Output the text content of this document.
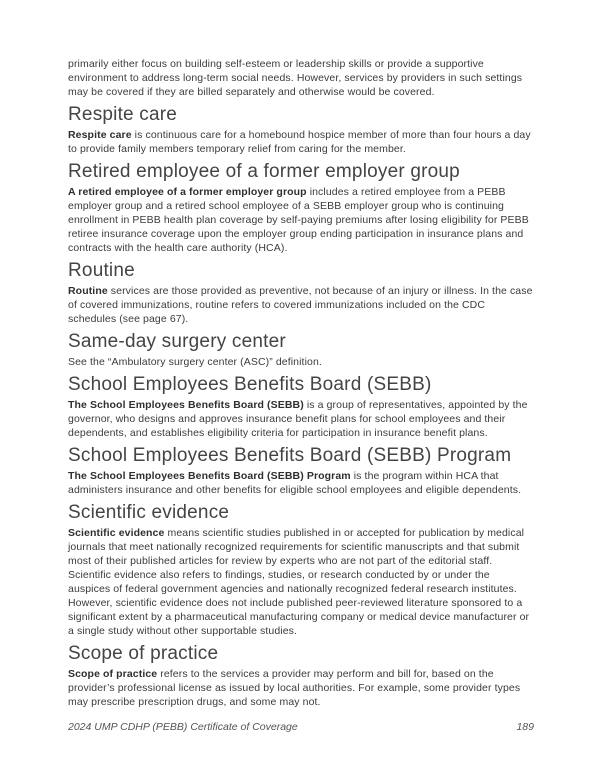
primarily either focus on building self-esteem or leadership skills or provide a supportive environment to address long-term social needs. However, services by providers in such settings may be covered if they are billed separately and otherwise would be covered.

Respite care

Respite care is continuous care for a homebound hospice member of more than four hours a day to provide family members temporary relief from caring for the member.

Retired employee of a former employer group

A retired employee of a former employer group includes a retired employee from a PEBB employer group and a retired school employee of a SEBB employer group who is continuing enrollment in PEBB health plan coverage by self-paying premiums after losing eligibility for PEBB retiree insurance coverage upon the employer group ending participation in insurance plans and contracts with the health care authority (HCA).

Routine

Routine services are those provided as preventive, not because of an injury or illness. In the case of covered immunizations, routine refers to covered immunizations included on the CDC schedules (see page 67).

Same-day surgery center

See the “Ambulatory surgery center (ASC)” definition.

School Employees Benefits Board (SEBB)

The School Employees Benefits Board (SEBB) is a group of representatives, appointed by the governor, who designs and approves insurance benefit plans for school employees and their dependents, and establishes eligibility criteria for participation in insurance benefit plans.

School Employees Benefits Board (SEBB) Program

The School Employees Benefits Board (SEBB) Program is the program within HCA that administers insurance and other benefits for eligible school employees and eligible dependents.

Scientific evidence

Scientific evidence means scientific studies published in or accepted for publication by medical journals that meet nationally recognized requirements for scientific manuscripts and that submit most of their published articles for review by experts who are not part of the editorial staff. Scientific evidence also refers to findings, studies, or research conducted by or under the auspices of federal government agencies and nationally recognized federal research institutes. However, scientific evidence does not include published peer-reviewed literature sponsored to a significant extent by a pharmaceutical manufacturing company or medical device manufacturer or a single study without other supportable studies.

Scope of practice

Scope of practice refers to the services a provider may perform and bill for, based on the provider’s professional license as issued by local authorities. For example, some provider types may prescribe prescription drugs, and some may not.

2024 UMP CDHP (PEBB) Certificate of Coverage	189
